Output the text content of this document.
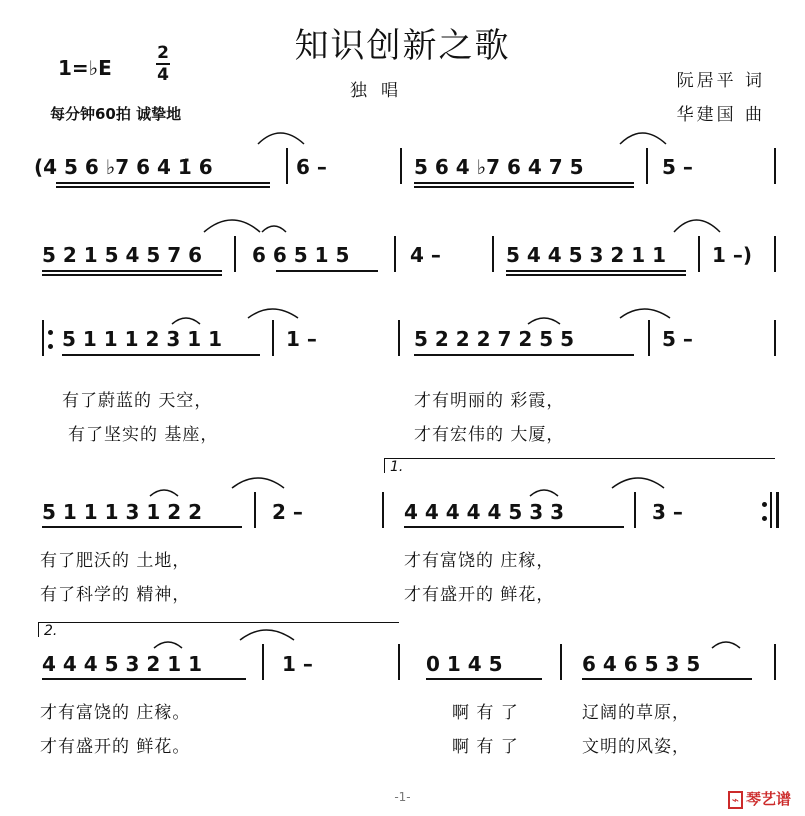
知识创新之歌
独唱
1=♭E
2
4
每分钟60拍 诚挚地
阮居平 词
华建国 曲
(4 5 6 ♭7 6 4 1̇ 6	6 –	5 6 4 ♭7 6 4 7 5	5 –
5 2 1 5 4 5 7 6 6 6 5 1 5	4 –	5 4 4 5 3 2 1 1 1 –)
5 1 1 1 2 3 1 1	1 –	5 2 2 2 7 2 5 5	5 –
有了蔚蓝的 天空，	才有明丽的 彩霞，
有了坚实的 基座，	才有宏伟的 大厦，
5 1 1 1 3 1 2 2	2 –
1.
4 4 4 4 4 5 3 3	3 –
有了肥沃的 土地，	才有富饶的 庄稼，
有了科学的 精神，	才有盛开的 鲜花，
2.
4 4 4 5 3 2 1 1	1 –	0 1 4 5	6 4 6 5 3 5
才有富饶的 庄稼。	啊 有 了	辽阔的草原，
才有盛开的 鲜花。	啊 有 了	文明的风姿，
-1-	⌁ 琴艺谱
